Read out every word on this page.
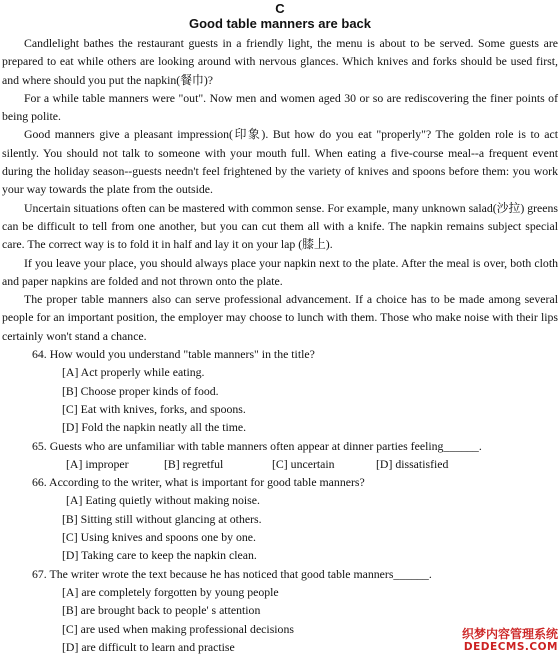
C
Good table manners are back

Candlelight bathes the restaurant guests in a friendly light, the menu is about to be served. Some guests are prepared to eat while others are looking around with nervous glances. Which knives and forks should be used first, and where should you put the napkin(餐巾)?

For a while table manners were "out". Now men and women aged 30 or so are rediscovering the finer points of being polite.

Good manners give a pleasant impression(印象). But how do you eat "properly"? The golden role is to act silently. You should not talk to someone with your mouth full. When eating a five-course meal--a frequent event during the holiday season--guests needn't feel frightened by the variety of knives and spoons before them: you work your way towards the plate from the outside.

Uncertain situations often can be mastered with common sense. For example, many unknown salad(沙拉) greens can be difficult to tell from one another, but you can cut them all with a knife. The napkin remains subject special care. The correct way is to fold it in half and lay it on your lap (膝上).

If you leave your place, you should always place your napkin next to the plate. After the meal is over, both cloth and paper napkins are folded and not thrown onto the plate.

The proper table manners also can serve professional advancement. If a choice has to be made among several people for an important position, the employer may choose to lunch with them. Those who make noise with their lips certainly won't stand a chance.

64. How would you understand "table manners" in the title?

[A] Act properly while eating.

[B] Choose proper kinds of food.

[C] Eat with knives, forks, and spoons.

[D] Fold the napkin neatly all the time.

65. Guests who are unfamiliar with table manners often appear at dinner parties feeling______.

[A] improper	[B] regretful	[C] uncertain	[D] dissatisfied

66. According to the writer, what is important for good table manners?

[A] Eating quietly without making noise.

[B] Sitting still without glancing at others.

[C] Using knives and spoons one by one.

[D] Taking care to keep the napkin clean.

67. The writer wrote the text because he has noticed that good table manners______.

[A] are completely forgotten by young people

[B] are brought back to people' s attention

[C] are used when making professional decisions

[D] are difficult to learn and practise

织梦内容管理系统
DEDECMS.COM
